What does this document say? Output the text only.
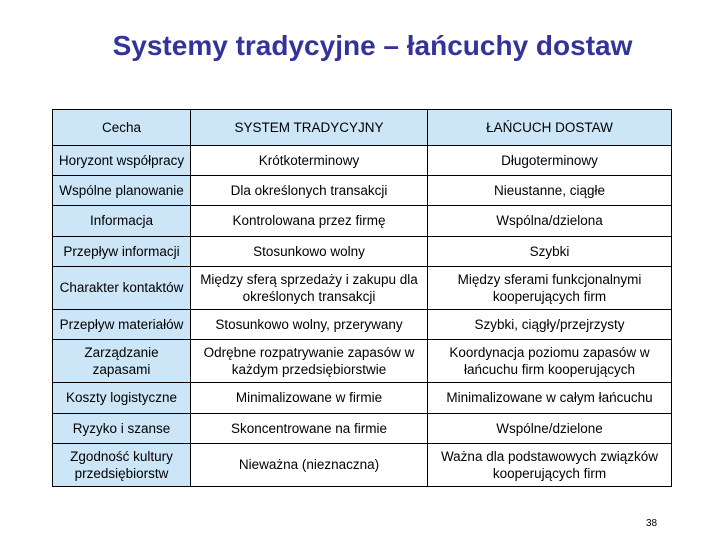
Systemy tradycyjne – łańcuchy dostaw
Cecha	SYSTEM TRADYCYJNY	ŁAŃCUCH DOSTAW
Horyzont współpracy	Krótkoterminowy	Długoterminowy
Wspólne planowanie	Dla określonych transakcji	Nieustanne, ciągłe
Informacja	Kontrolowana przez firmę	Wspólna/dzielona
Przepływ informacji	Stosunkowo wolny	Szybki
Charakter kontaktów	Między sferą sprzedaży i zakupu dla określonych transakcji	Między sferami funkcjonalnymi kooperujących firm
Przepływ materiałów	Stosunkowo wolny, przerywany	Szybki, ciągły/przejrzysty
Zarządzanie zapasami	Odrębne rozpatrywanie zapasów w każdym przedsiębiorstwie	Koordynacja poziomu zapasów w łańcuchu firm kooperujących
Koszty logistyczne	Minimalizowane w firmie	Minimalizowane w całym łańcuchu
Ryzyko i szanse	Skoncentrowane na firmie	Wspólne/dzielone
Zgodność kultury przedsiębiorstw	Nieważna (nieznaczna)	Ważna dla podstawowych związków kooperujących firm
38
